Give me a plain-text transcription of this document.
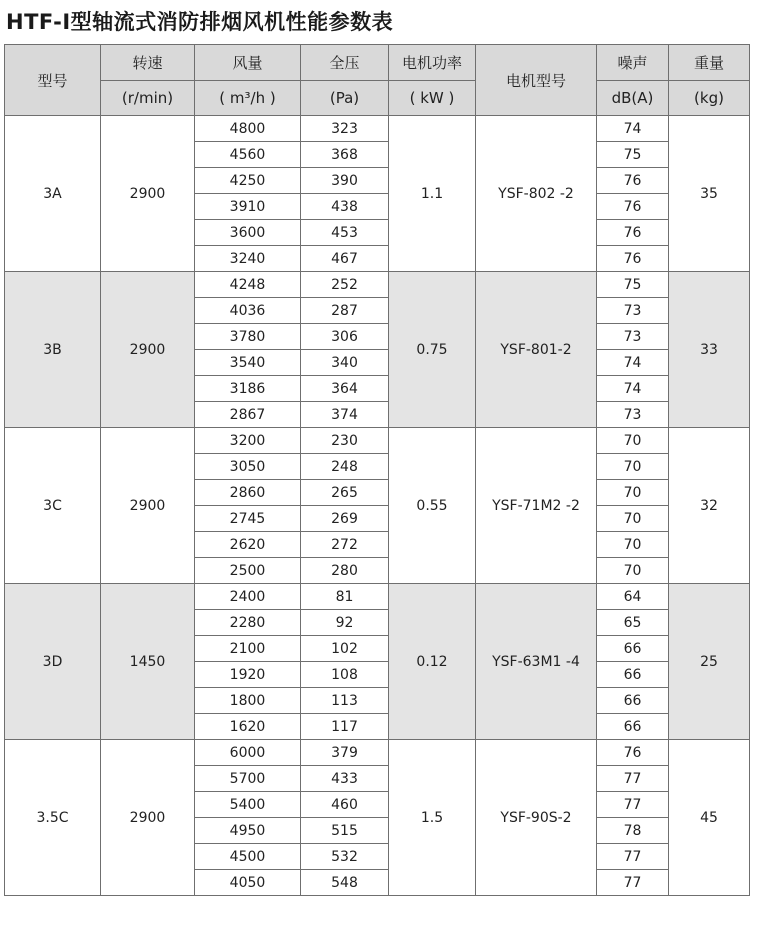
HTF-I型轴流式消防排烟风机性能参数表
型号	转速	风量	全压	电机功率	电机型号	噪声	重量
	(r/min)	( m³/h )	(Pa)	( kW )		dB(A)	(kg)
3A	2900	4800	323	1.1	YSF-802 -2	74	35
		4560	368			75	
		4250	390			76	
		3910	438			76	
		3600	453			76	
		3240	467			76	
3B	2900	4248	252	0.75	YSF-801-2	75	33
		4036	287			73	
		3780	306			73	
		3540	340			74	
		3186	364			74	
		2867	374			73	
3C	2900	3200	230	0.55	YSF-71M2 -2	70	32
		3050	248			70	
		2860	265			70	
		2745	269			70	
		2620	272			70	
		2500	280			70	
3D	1450	2400	81	0.12	YSF-63M1 -4	64	25
		2280	92			65	
		2100	102			66	
		1920	108			66	
		1800	113			66	
		1620	117			66	
3.5C	2900	6000	379	1.5	YSF-90S-2	76	45
		5700	433			77	
		5400	460			77	
		4950	515			78	
		4500	532			77	
		4050	548			77	
